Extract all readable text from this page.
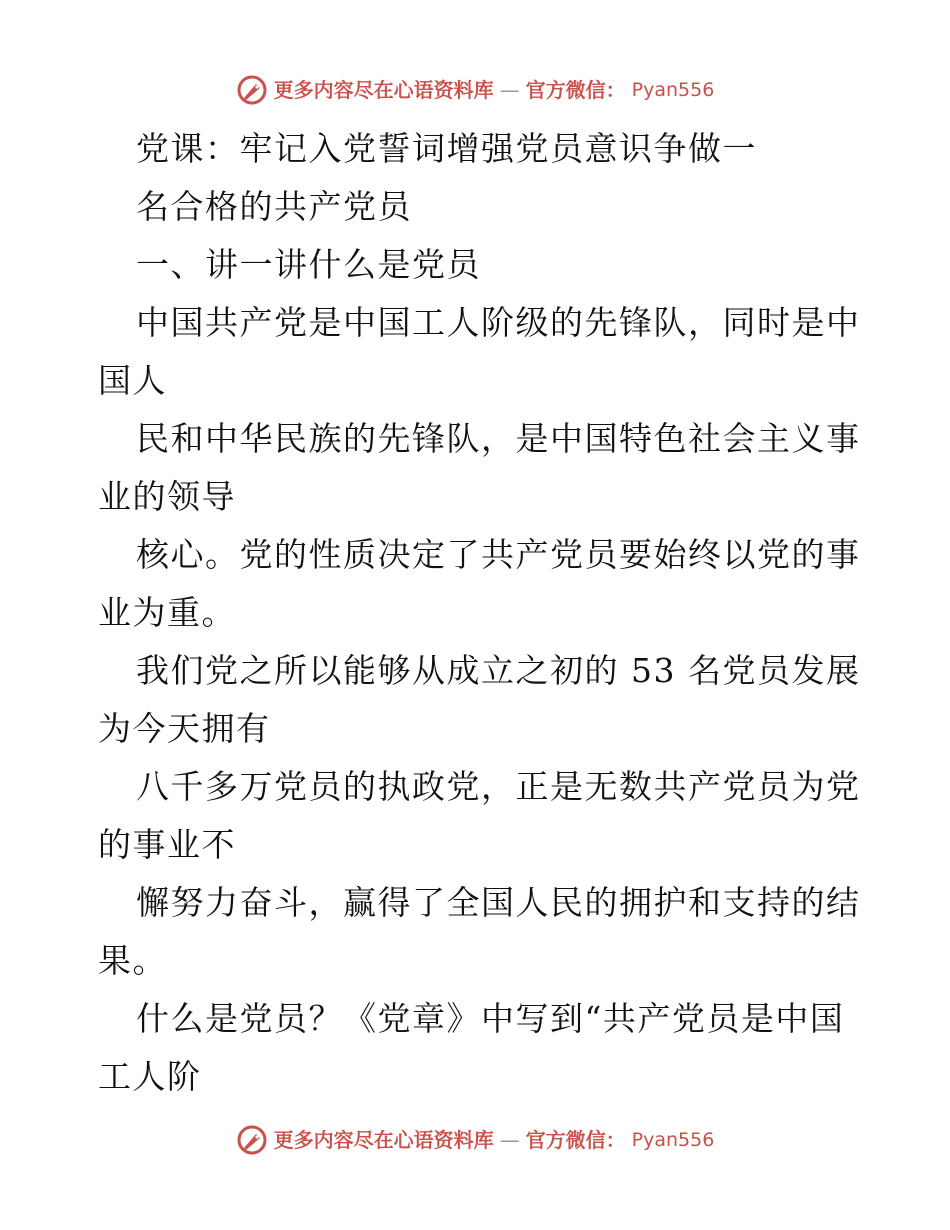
更多内容尽在心语资料库 — 官方微信： Pyan556
党课：牢记入党誓词增强党员意识争做一
名合格的共产党员
一、讲一讲什么是党员
中国共产党是中国工人阶级的先锋队，同时是中
国人
民和中华民族的先锋队，是中国特色社会主义事
业的领导
核心。党的性质决定了共产党员要始终以党的事
业为重。
我们党之所以能够从成立之初的 53 名党员发展
为今天拥有
八千多万党员的执政党，正是无数共产党员为党
的事业不
懈努力奋斗，赢得了全国人民的拥护和支持的结
果。
什么是党员？《党章》中写到“共产党员是中国
工人阶
更多内容尽在心语资料库 — 官方微信： Pyan556
